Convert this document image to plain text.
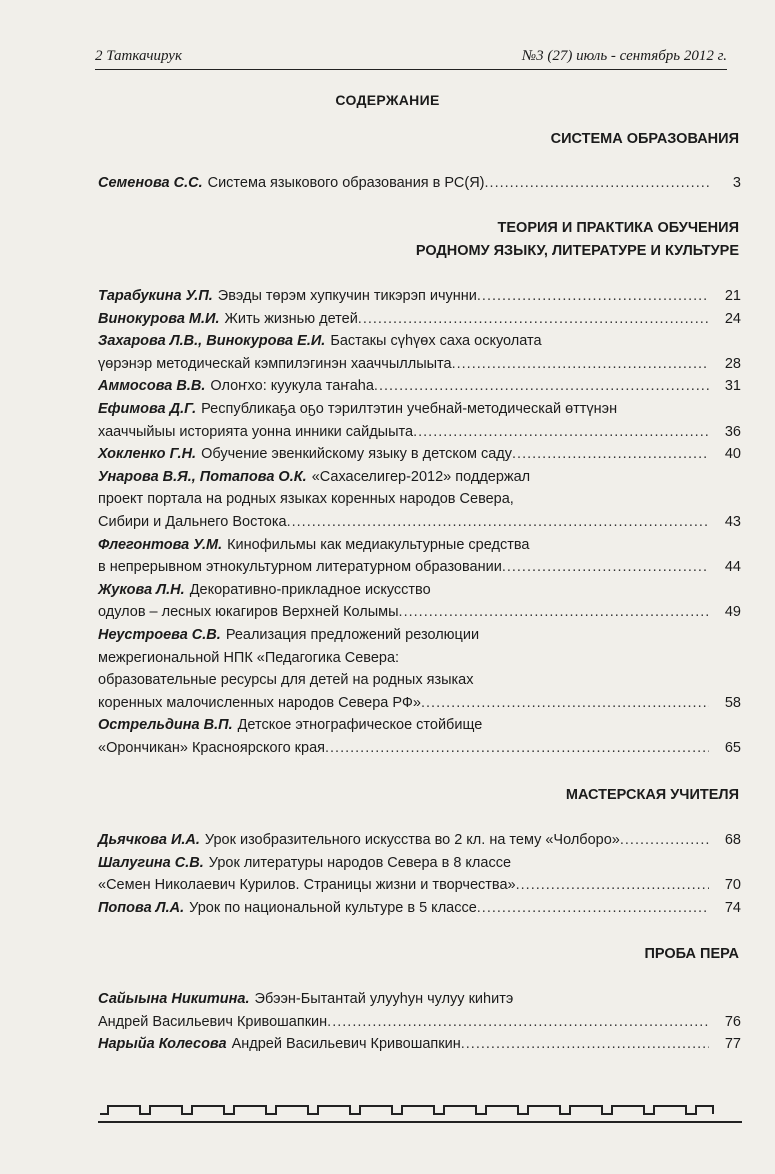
2 Таткачирук	№3 (27) июль - сентябрь 2012 г.
СОДЕРЖАНИЕ
СИСТЕМА ОБРАЗОВАНИЯ
Семенова С.С. Система языкового образования в РС(Я) .....	3
ТЕОРИЯ И ПРАКТИКА ОБУЧЕНИЯ
РОДНОМУ ЯЗЫКУ, ЛИТЕРАТУРЕ И КУЛЬТУРЕ
Тарабукина У.П. Эвэды төрэм хупкучин тикэрэп ичунни .....	21
Винокурова М.И. Жить жизнью детей .....	24
Захарова Л.В., Винокурова Е.И. Бастакы сүһүөх саха оскуолата
үөрэнэр методическай кэмпилэгинэн хааччыллыыта .....	28
Аммосова В.В. Олоҥхо: куукула таҥаһа .....	31
Ефимова Д.Г. Республикаҕа оҕо тэрилтэтин учебнай-методическай өттүнэн
хааччыйыы историята уонна инники сайдыыта .....	36
Хокленко Г.Н. Обучение эвенкийскому языку в детском саду .....	40
Унарова В.Я., Потапова О.К. «Сахаселигер-2012» поддержал
проект портала на родных языках коренных народов Севера,
Сибири и Дальнего Востока .....	43
Флегонтова У.М. Кинофильмы как медиакультурные средства
в непрерывном этнокультурном литературном образовании .....	44
Жукова Л.Н. Декоративно-прикладное искусство
одулов – лесных юкагиров Верхней Колымы .....	49
Неустроева С.В. Реализация предложений резолюции
межрегиональной НПК «Педагогика Севера:
образовательные ресурсы для детей на родных языках
коренных малочисленных народов Севера РФ» .....	58
Острельдина В.П. Детское этнографическое стойбище
«Орончикан» Красноярского края .....	65
МАСТЕРСКАЯ УЧИТЕЛЯ
Дьячкова И.А. Урок изобразительного искусства во 2 кл. на тему «Чолборо» .....	68
Шалугина С.В. Урок литературы народов Севера в 8 классе
«Семен Николаевич Курилов. Страницы жизни и творчества» .....	70
Попова Л.А. Урок по национальной культуре в 5 классе .....	74
ПРОБА ПЕРА
Сайыына Никитина. Эбээн-Бытантай улууһун чулуу киһитэ
Андрей Васильевич Кривошапкин .....	76
Нарыйа Колесова Андрей Васильевич Кривошапкин .....	77
